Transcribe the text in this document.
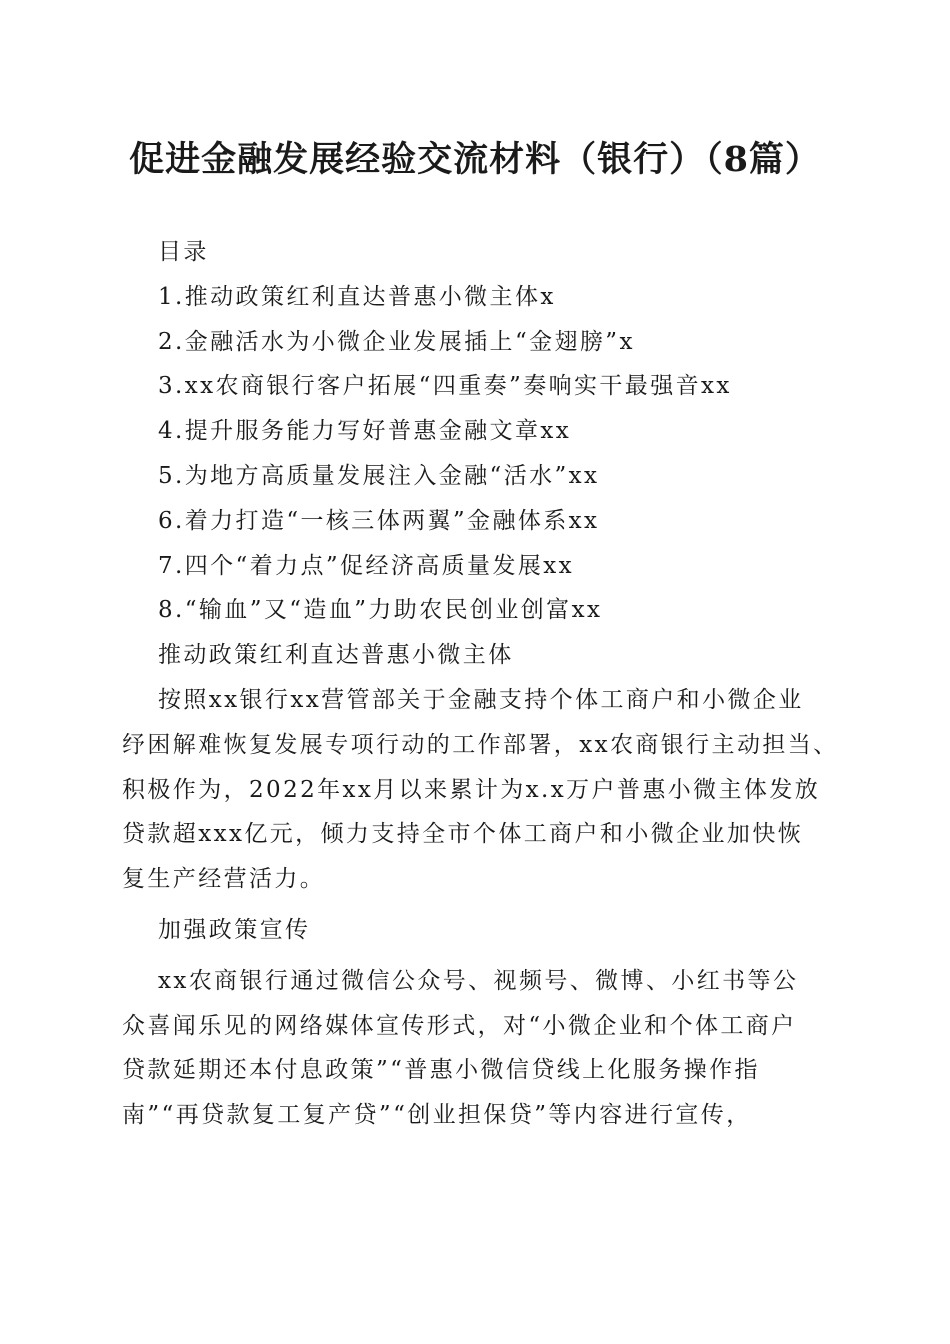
促进金融发展经验交流材料（银行）（8篇）
目录
1.推动政策红利直达普惠小微主体x
2.金融活水为小微企业发展插上“金翅膀”x
3.xx农商银行客户拓展“四重奏”奏响实干最强音xx
4.提升服务能力写好普惠金融文章xx
5.为地方高质量发展注入金融“活水”xx
6.着力打造“一核三体两翼”金融体系xx
7.四个“着力点”促经济高质量发展xx
8.“输血”又“造血”力助农民创业创富xx
推动政策红利直达普惠小微主体
按照xx银行xx营管部关于金融支持个体工商户和小微企业
纾困解难恢复发展专项行动的工作部署，xx农商银行主动担当、
积极作为，2022年xx月以来累计为x.x万户普惠小微主体发放
贷款超xxx亿元，倾力支持全市个体工商户和小微企业加快恢
复生产经营活力。
加强政策宣传
xx农商银行通过微信公众号、视频号、微博、小红书等公
众喜闻乐见的网络媒体宣传形式，对“小微企业和个体工商户
贷款延期还本付息政策”“普惠小微信贷线上化服务操作指
南”“再贷款复工复产贷”“创业担保贷”等内容进行宣传，
